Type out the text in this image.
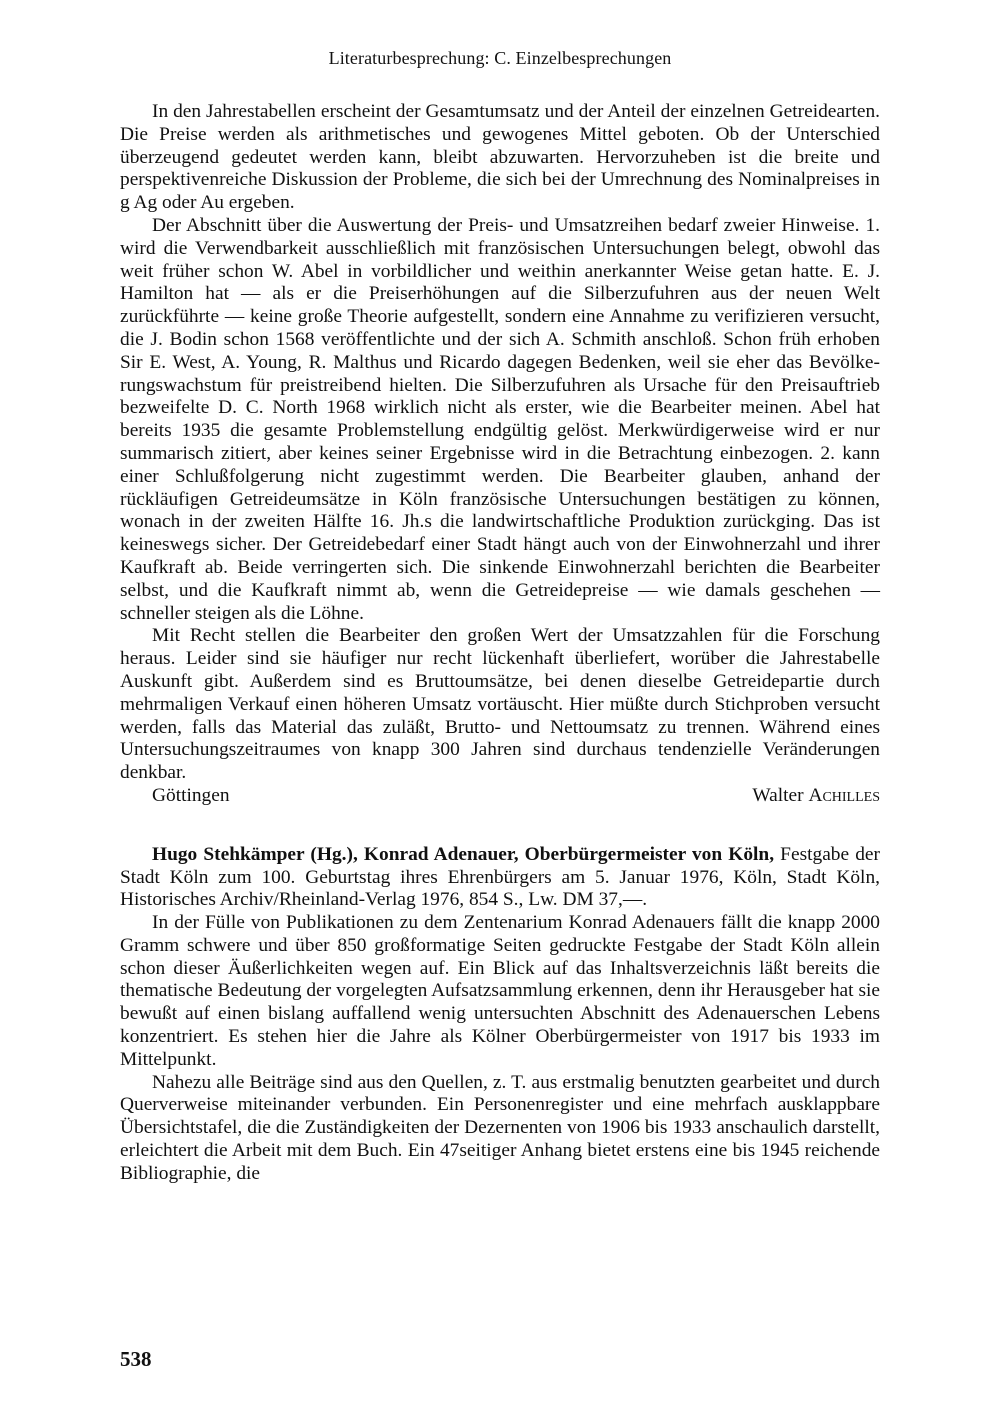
Literaturbesprechung: C. Einzelbesprechungen

In den Jahrestabellen erscheint der Gesamtumsatz und der Anteil der einzelnen Getreidearten. Die Preise werden als arithmetisches und gewogenes Mittel geboten. Ob der Unterschied überzeugend gedeutet werden kann, bleibt abzuwarten. Hervorzuheben ist die breite und perspektivenreiche Diskussion der Probleme, die sich bei der Umrechnung des Nominalpreises in g Ag oder Au ergeben.

Der Abschnitt über die Auswertung der Preis- und Umsatzreihen bedarf zweier Hinweise. 1. wird die Verwendbarkeit ausschließlich mit französischen Untersuchungen belegt, obwohl das weit früher schon W. Abel in vorbildlicher und weithin anerkannter Weise getan hatte. E. J. Hamilton hat — als er die Preiserhöhungen auf die Silberzufuhren aus der neuen Welt zurückführte — keine große Theorie aufgestellt, sondern eine Annahme zu verifizieren versucht, die J. Bodin schon 1568 veröffentlichte und der sich A. Schmith anschloß. Schon früh erhoben Sir E. West, A. Young, R. Malthus und Ricardo dagegen Bedenken, weil sie eher das Bevölkerungswachstum für preistreibend hielten. Die Silberzufuhren als Ursache für den Preisauftrieb bezweifelte D. C. North 1968 wirklich nicht als erster, wie die Bearbeiter meinen. Abel hat bereits 1935 die gesamte Problemstellung endgültig gelöst. Merkwürdigerweise wird er nur summarisch zitiert, aber keines seiner Ergebnisse wird in die Betrachtung einbezogen. 2. kann einer Schlußfolgerung nicht zugestimmt werden. Die Bearbeiter glauben, anhand der rückläufigen Getreideumsätze in Köln französische Untersuchungen bestätigen zu können, wonach in der zweiten Hälfte 16. Jh.s die landwirtschaftliche Produktion zurückging. Das ist keineswegs sicher. Der Getreidebedarf einer Stadt hängt auch von der Einwohnerzahl und ihrer Kaufkraft ab. Beide verringerten sich. Die sinkende Einwohnerzahl berichten die Bearbeiter selbst, und die Kaufkraft nimmt ab, wenn die Getreidepreise — wie damals geschehen — schneller steigen als die Löhne.

Mit Recht stellen die Bearbeiter den großen Wert der Umsatzzahlen für die Forschung heraus. Leider sind sie häufiger nur recht lückenhaft überliefert, worüber die Jahrestabelle Auskunft gibt. Außerdem sind es Bruttoumsätze, bei denen dieselbe Getreidepartie durch mehrmaligen Verkauf einen höheren Umsatz vortäuscht. Hier müßte durch Stichproben versucht werden, falls das Material das zuläßt, Brutto- und Nettoumsatz zu trennen. Während eines Untersuchungszeitraumes von knapp 300 Jahren sind durchaus tendenzielle Veränderungen denkbar.

Göttingen	Walter Achilles

Hugo Stehkämper (Hg.), Konrad Adenauer, Oberbürgermeister von Köln, Festgabe der Stadt Köln zum 100. Geburtstag ihres Ehrenbürgers am 5. Januar 1976, Köln, Stadt Köln, Historisches Archiv/Rheinland-Verlag 1976, 854 S., Lw. DM 37,—.

In der Fülle von Publikationen zu dem Zentenarium Konrad Adenauers fällt die knapp 2000 Gramm schwere und über 850 großformatige Seiten gedruckte Festgabe der Stadt Köln allein schon dieser Äußerlichkeiten wegen auf. Ein Blick auf das Inhaltsverzeichnis läßt bereits die thematische Bedeutung der vorgelegten Aufsatzsammlung erkennen, denn ihr Herausgeber hat sie bewußt auf einen bislang auffallend wenig untersuchten Abschnitt des Adenauerschen Lebens konzentriert. Es stehen hier die Jahre als Kölner Oberbürgermeister von 1917 bis 1933 im Mittelpunkt.

Nahezu alle Beiträge sind aus den Quellen, z. T. aus erstmalig benutzten gearbeitet und durch Querverweise miteinander verbunden. Ein Personenregister und eine mehrfach ausklappbare Übersichtstafel, die die Zuständigkeiten der Dezernenten von 1906 bis 1933 anschaulich darstellt, erleichtert die Arbeit mit dem Buch. Ein 47seitiger Anhang bietet erstens eine bis 1945 reichende Bibliographie, die

538
